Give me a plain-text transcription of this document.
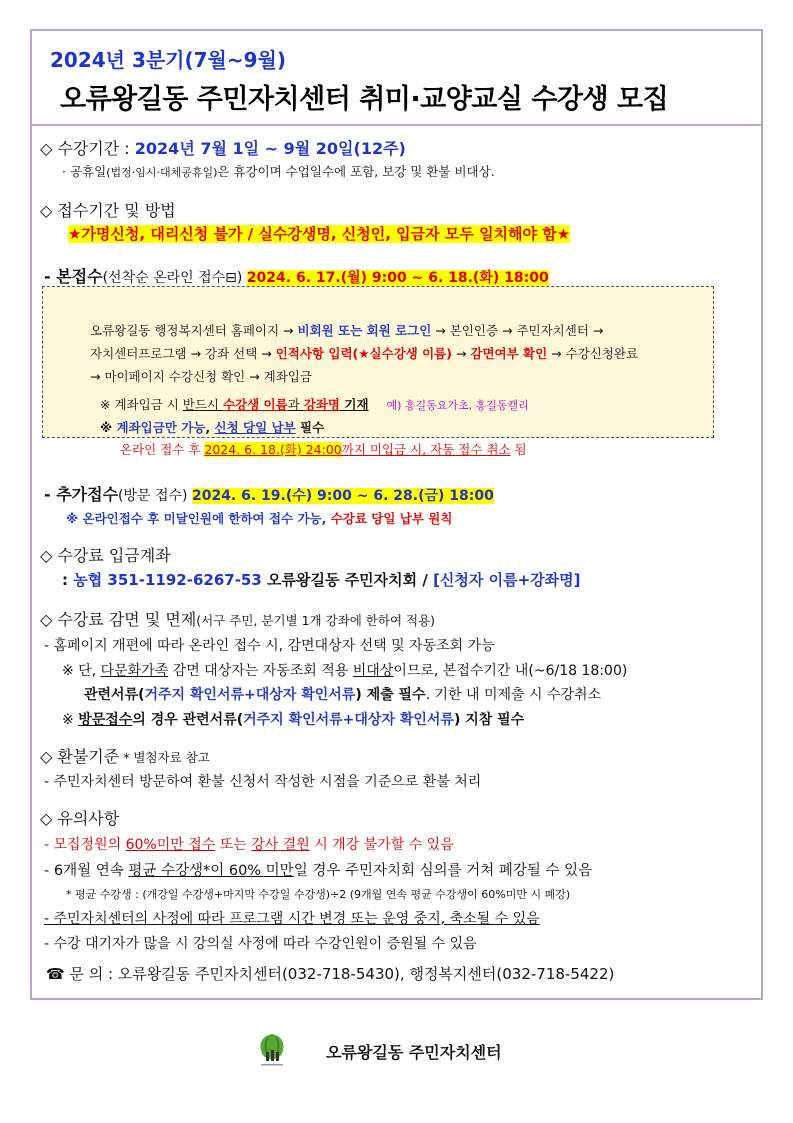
2024년 3분기(7월~9월)
오류왕길동 주민자치센터 취미·교양교실 수강생 모집
◇ 수강기간 : 2024년 7월 1일 ~ 9월 20일(12주)
· 공휴일(법정·임시·대체공휴일)은 휴강이며 수업일수에 포함, 보강 및 환불 비대상.
◇ 접수기간 및 방법
★가명신청, 대리신청 불가 / 실수강생명, 신청인, 입금자 모두 일치해야 함★
- 본접수(선착순 온라인 접수⊟) 2024. 6. 17.(월) 9:00 ~ 6. 18.(화) 18:00
오류왕길동 행정복지센터 홈페이지 → 비회원 또는 회원 로그인 → 본인인증 → 주민자치센터 →
자치센터프로그램 → 강좌 선택 → 인적사항 입력(★실수강생 이름) → 감면여부 확인 → 수강신청완료
→ 마이페이지 수강신청 확인 → 계좌입금
※ 계좌입금 시 반드시 수강생 이름과 강좌명 기재 예) 홍길동요가초, 홍길동캘리
※ 계좌입금만 가능, 신청 당일 납부 필수
온라인 접수 후 2024. 6. 18.(화) 24:00까지 미입금 시, 자동 접수 취소 됨
- 추가접수(방문 접수) 2024. 6. 19.(수) 9:00 ~ 6. 28.(금) 18:00
※ 온라인접수 후 미달인원에 한하여 접수 가능, 수강료 당일 납부 원칙
◇ 수강료 입금계좌
: 농협 351-1192-6267-53 오류왕길동 주민자치회 / [신청자 이름+강좌명]
◇ 수강료 감면 및 면제(서구 주민, 분기별 1개 강좌에 한하여 적용)
- 홈페이지 개편에 따라 온라인 접수 시, 감면대상자 선택 및 자동조회 가능
※ 단, 다문화가족 감면 대상자는 자동조회 적용 비대상이므로, 본접수기간 내(~6/18 18:00)
관련서류(거주지 확인서류+대상자 확인서류) 제출 필수. 기한 내 미제출 시 수강취소
※ 방문접수의 경우 관련서류(거주지 확인서류+대상자 확인서류) 지참 필수
◇ 환불기준 * 별첨자료 참고
- 주민자치센터 방문하여 환불 신청서 작성한 시점을 기준으로 환불 처리
◇ 유의사항
- 모집정원의 60%미만 접수 또는 강사 결원 시 개강 불가할 수 있음
- 6개월 연속 평균 수강생*이 60% 미만일 경우 주민자치회 심의를 거쳐 폐강될 수 있음
* 평균 수강생 : (개강일 수강생+마지막 수강일 수강생)÷2 (9개월 연속 평균 수강생이 60%미만 시 폐강)
- 주민자치센터의 사정에 따라 프로그램 시간 변경 또는 운영 중지, 축소될 수 있음
- 수강 대기자가 많을 시 강의실 사정에 따라 수강인원이 증원될 수 있음
☎ 문 의 : 오류왕길동 주민자치센터(032-718-5430), 행정복지센터(032-718-5422)
오류왕길동 주민자치센터
